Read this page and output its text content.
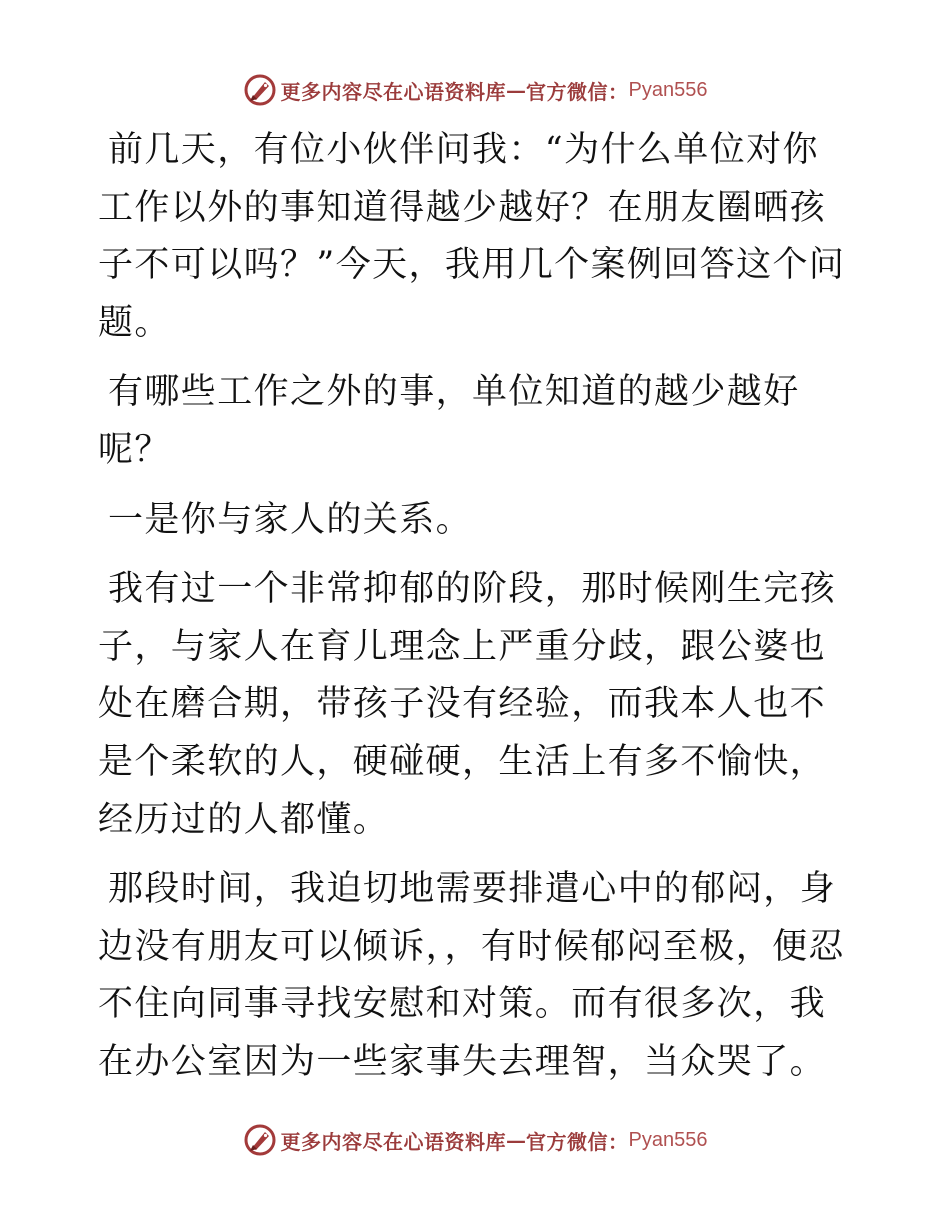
更多内容尽在心语资料库 — 官方微信： Pyan556

前几天，有位小伙伴问我：“为什么单位对你工作以外的事知道得越少越好？在朋友圈晒孩子不可以吗？”今天，我用几个案例回答这个问题。

有哪些工作之外的事，单位知道的越少越好呢？

一是你与家人的关系。

我有过一个非常抑郁的阶段，那时候刚生完孩子，与家人在育儿理念上严重分歧，跟公婆也处在磨合期，带孩子没有经验，而我本人也不是个柔软的人，硬碰硬，生活上有多不愉快，经历过的人都懂。

那段时间，我迫切地需要排遣心中的郁闷，身边没有朋友可以倾诉，，有时候郁闷至极，便忍不住向同事寻找安慰和对策。而有很多次，我在办公室因为一些家事失去理智，当众哭了。

更多内容尽在心语资料库 — 官方微信： Pyan556
